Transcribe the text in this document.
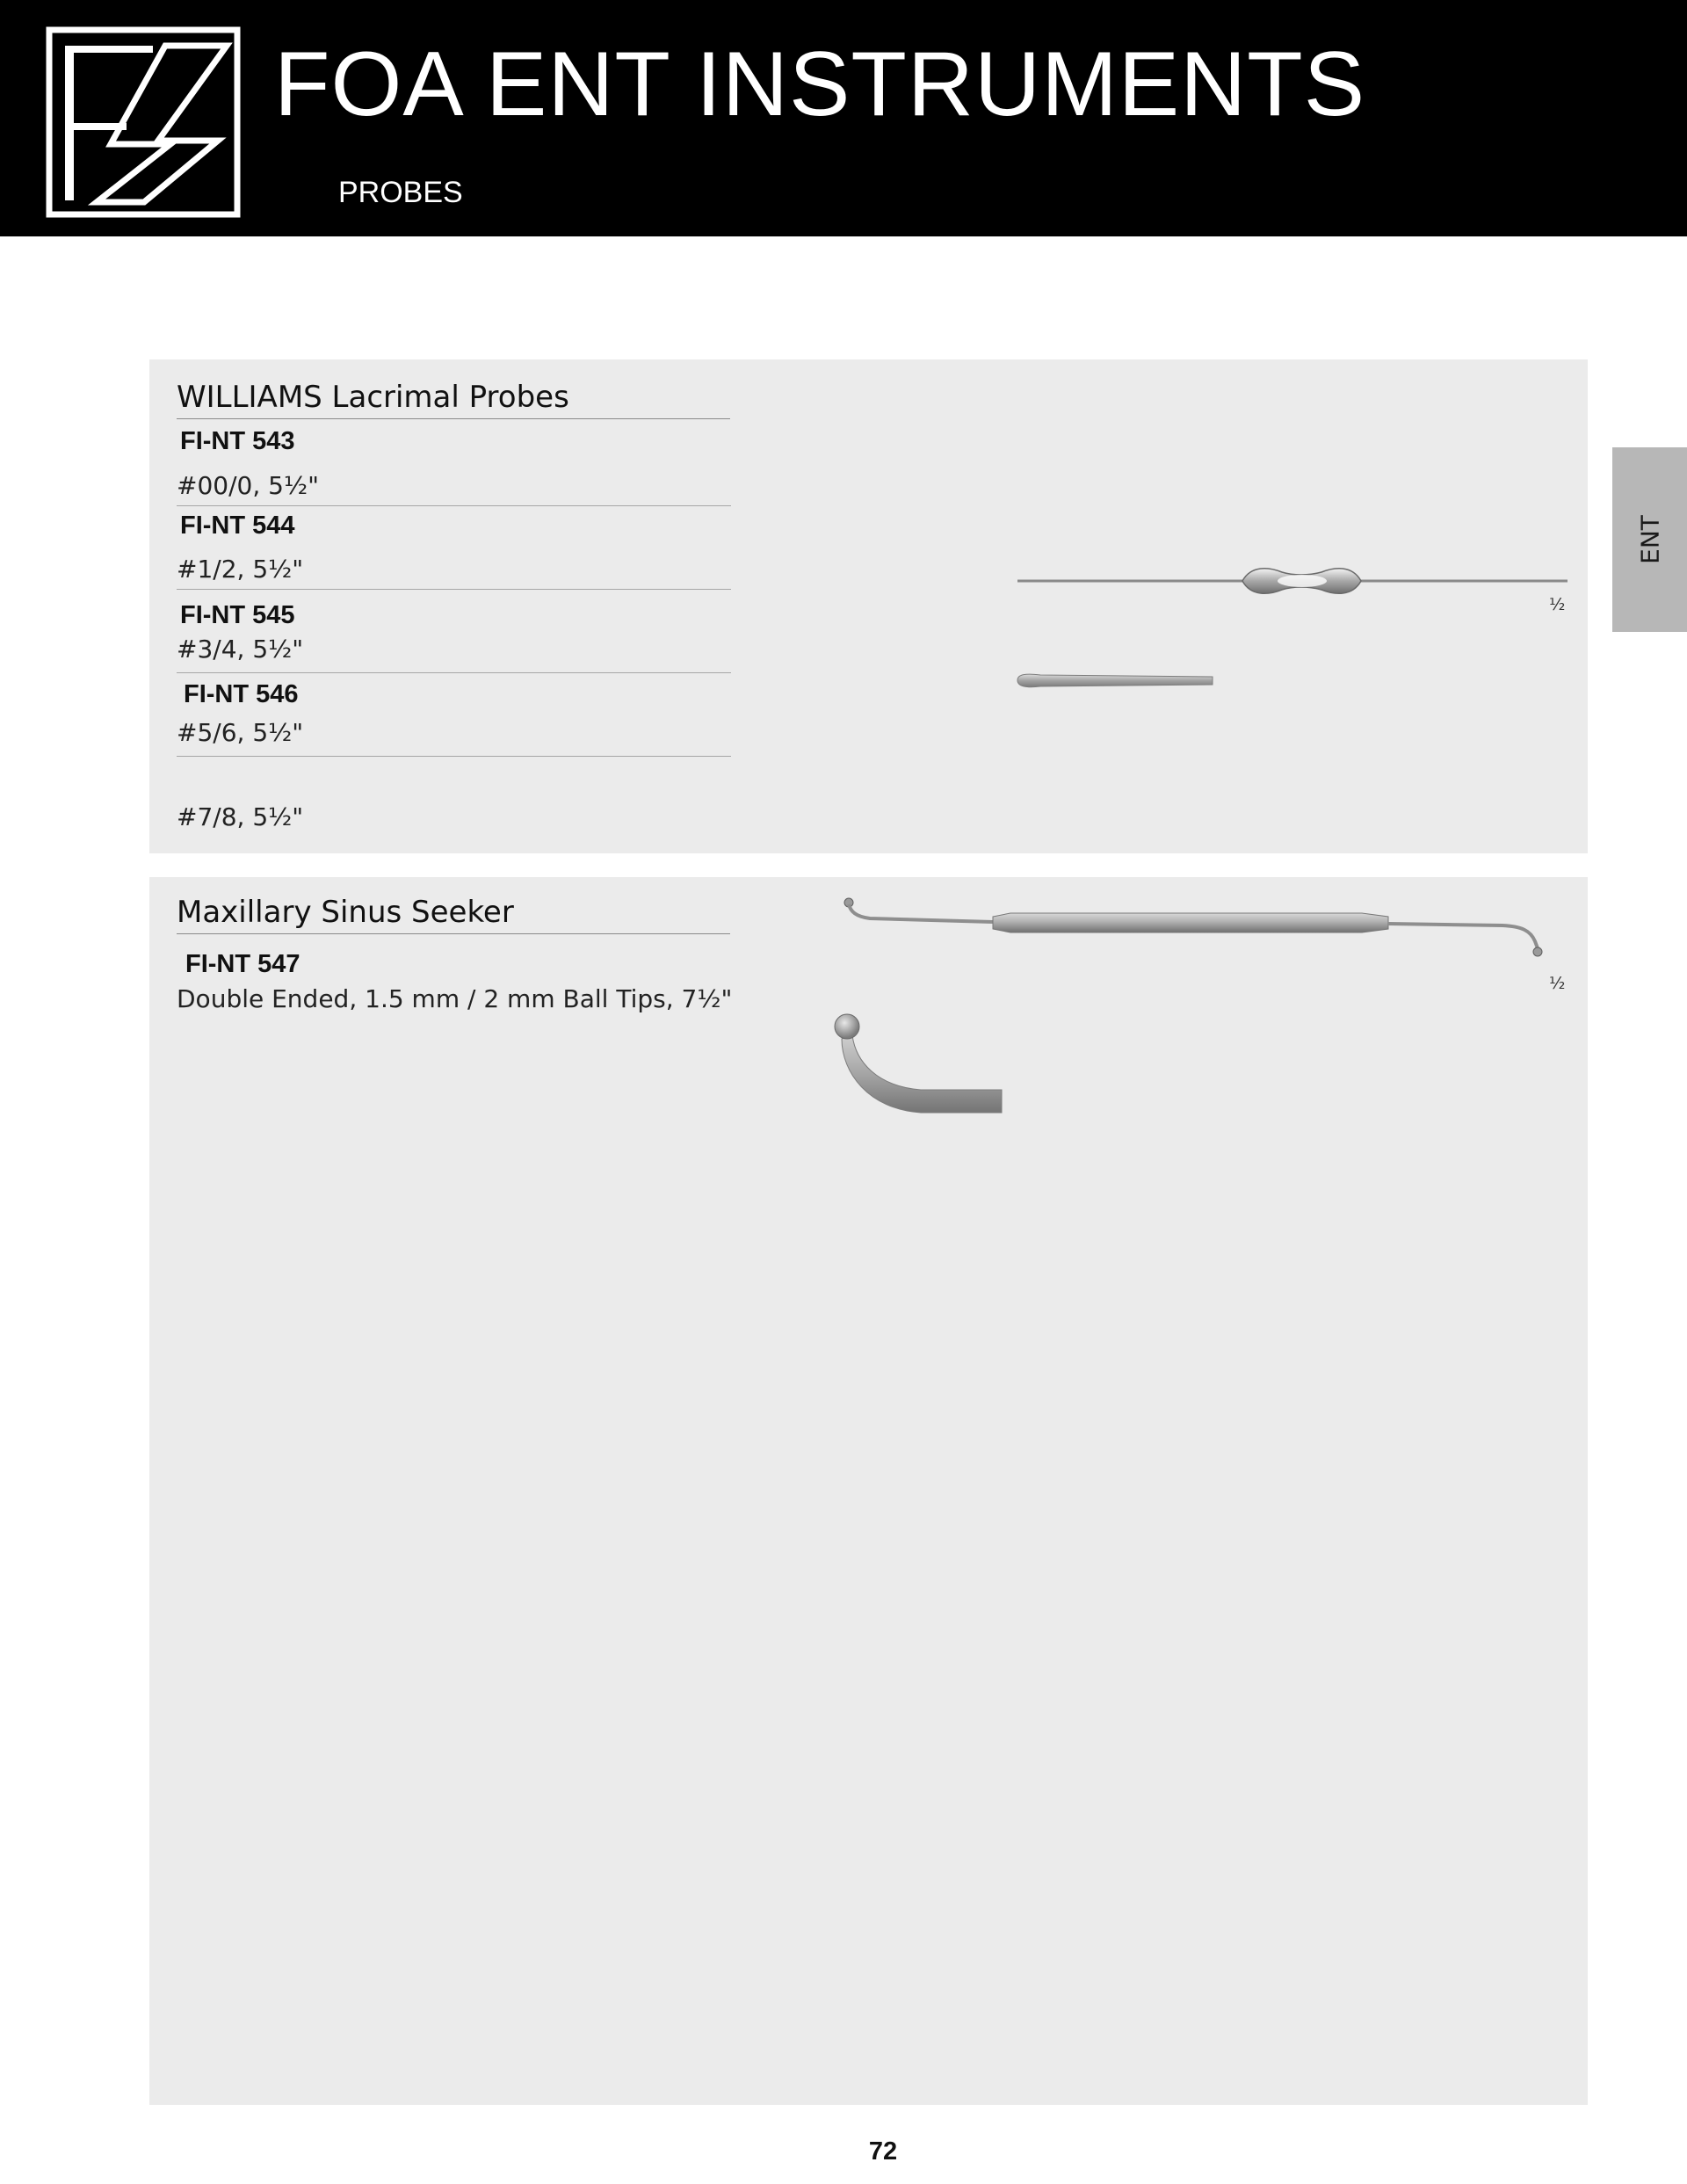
FOA ENT INSTRUMENTS
PROBES
ENT
WILLIAMS Lacrimal Probes
FI-NT 543
#00/0, 5½"
FI-NT 544
#1/2, 5½"
FI-NT 545
#3/4, 5½"
FI-NT 546
#5/6, 5½"
#7/8, 5½"
½
Maxillary Sinus Seeker
FI-NT 547
Double Ended, 1.5 mm / 2 mm Ball Tips, 7½"
½
72
